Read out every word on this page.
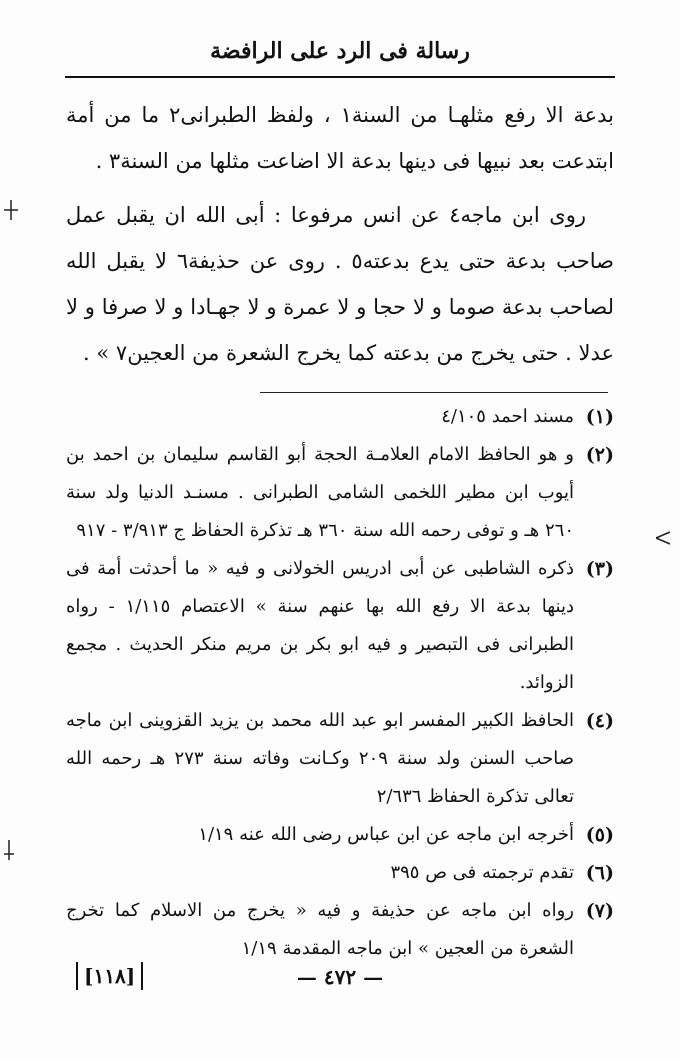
رسالة فى الرد على الرافضة

بدعة الا رفع مثلهـا من السنة١ ، ولفظ الطبرانى٢ ما من أمة ابتدعت بعد نبيها فى دينها بدعة الا اضاعت مثلها من السنة٣ .

روى ابن ماجه٤ عن انس مرفوعا : أبى الله ان يقبل عمل صاحب بدعة حتى يدع بدعته٥ . روى عن حذيفة٦ لا يقبل الله لصاحب بدعة صوما و لا حجا و لا عمرة و لا جهـادا و لا صرفا و لا عدلا . حتى يخرج من بدعته كما يخرج الشعرة من العجين٧ » .

(١)
مسند احمد ٤/١٠٥
(٢)
و هو الحافظ الامام العلامـة الحجة أبو القاسم سليمان بن احمد بن أيوب ابن مطير اللخمى الشامى الطبرانى . مسنـد الدنيا ولد سنة ٢٦٠ هـ و توفى رحمه الله سنة ٣٦٠ هـ تذكرة الحفاظ ج ٣/٩١٣ - ٩١٧
(٣)
ذكره الشاطبى عن أبى ادريس الخولانى و فيه « ما أحدثت أمة فى دينها بدعة الا رفع الله بها عنهم سنة » الاعتصام ١/١١٥ - رواه الطبرانى فى التبصير و فيه ابو بكر بن مريم منكر الحديث . مجمع الزوائد.
(٤)
الحافظ الكبير المفسر ابو عبد الله محمد بن يزيد القزوينى ابن ماجه صاحب السنن ولد سنة ٢٠٩ وكـانت وفاته سنة ٢٧٣ هـ رحمه الله تعالى تذكرة الحفاظ ٢/٦٣٦
(٥)
أخرجه ابن ماجه عن ابن عباس رضى الله عنه ١/١٩
(٦)
تقدم ترجمته فى ص ٣٩٥
(٧)
رواه ابن ماجه عن حذيفة و فيه « يخرج من الاسلام كما تخرج الشعرة من العجين » ابن ماجه المقدمة ١/١٩
— ٤٧٢ —
[١١٨]
